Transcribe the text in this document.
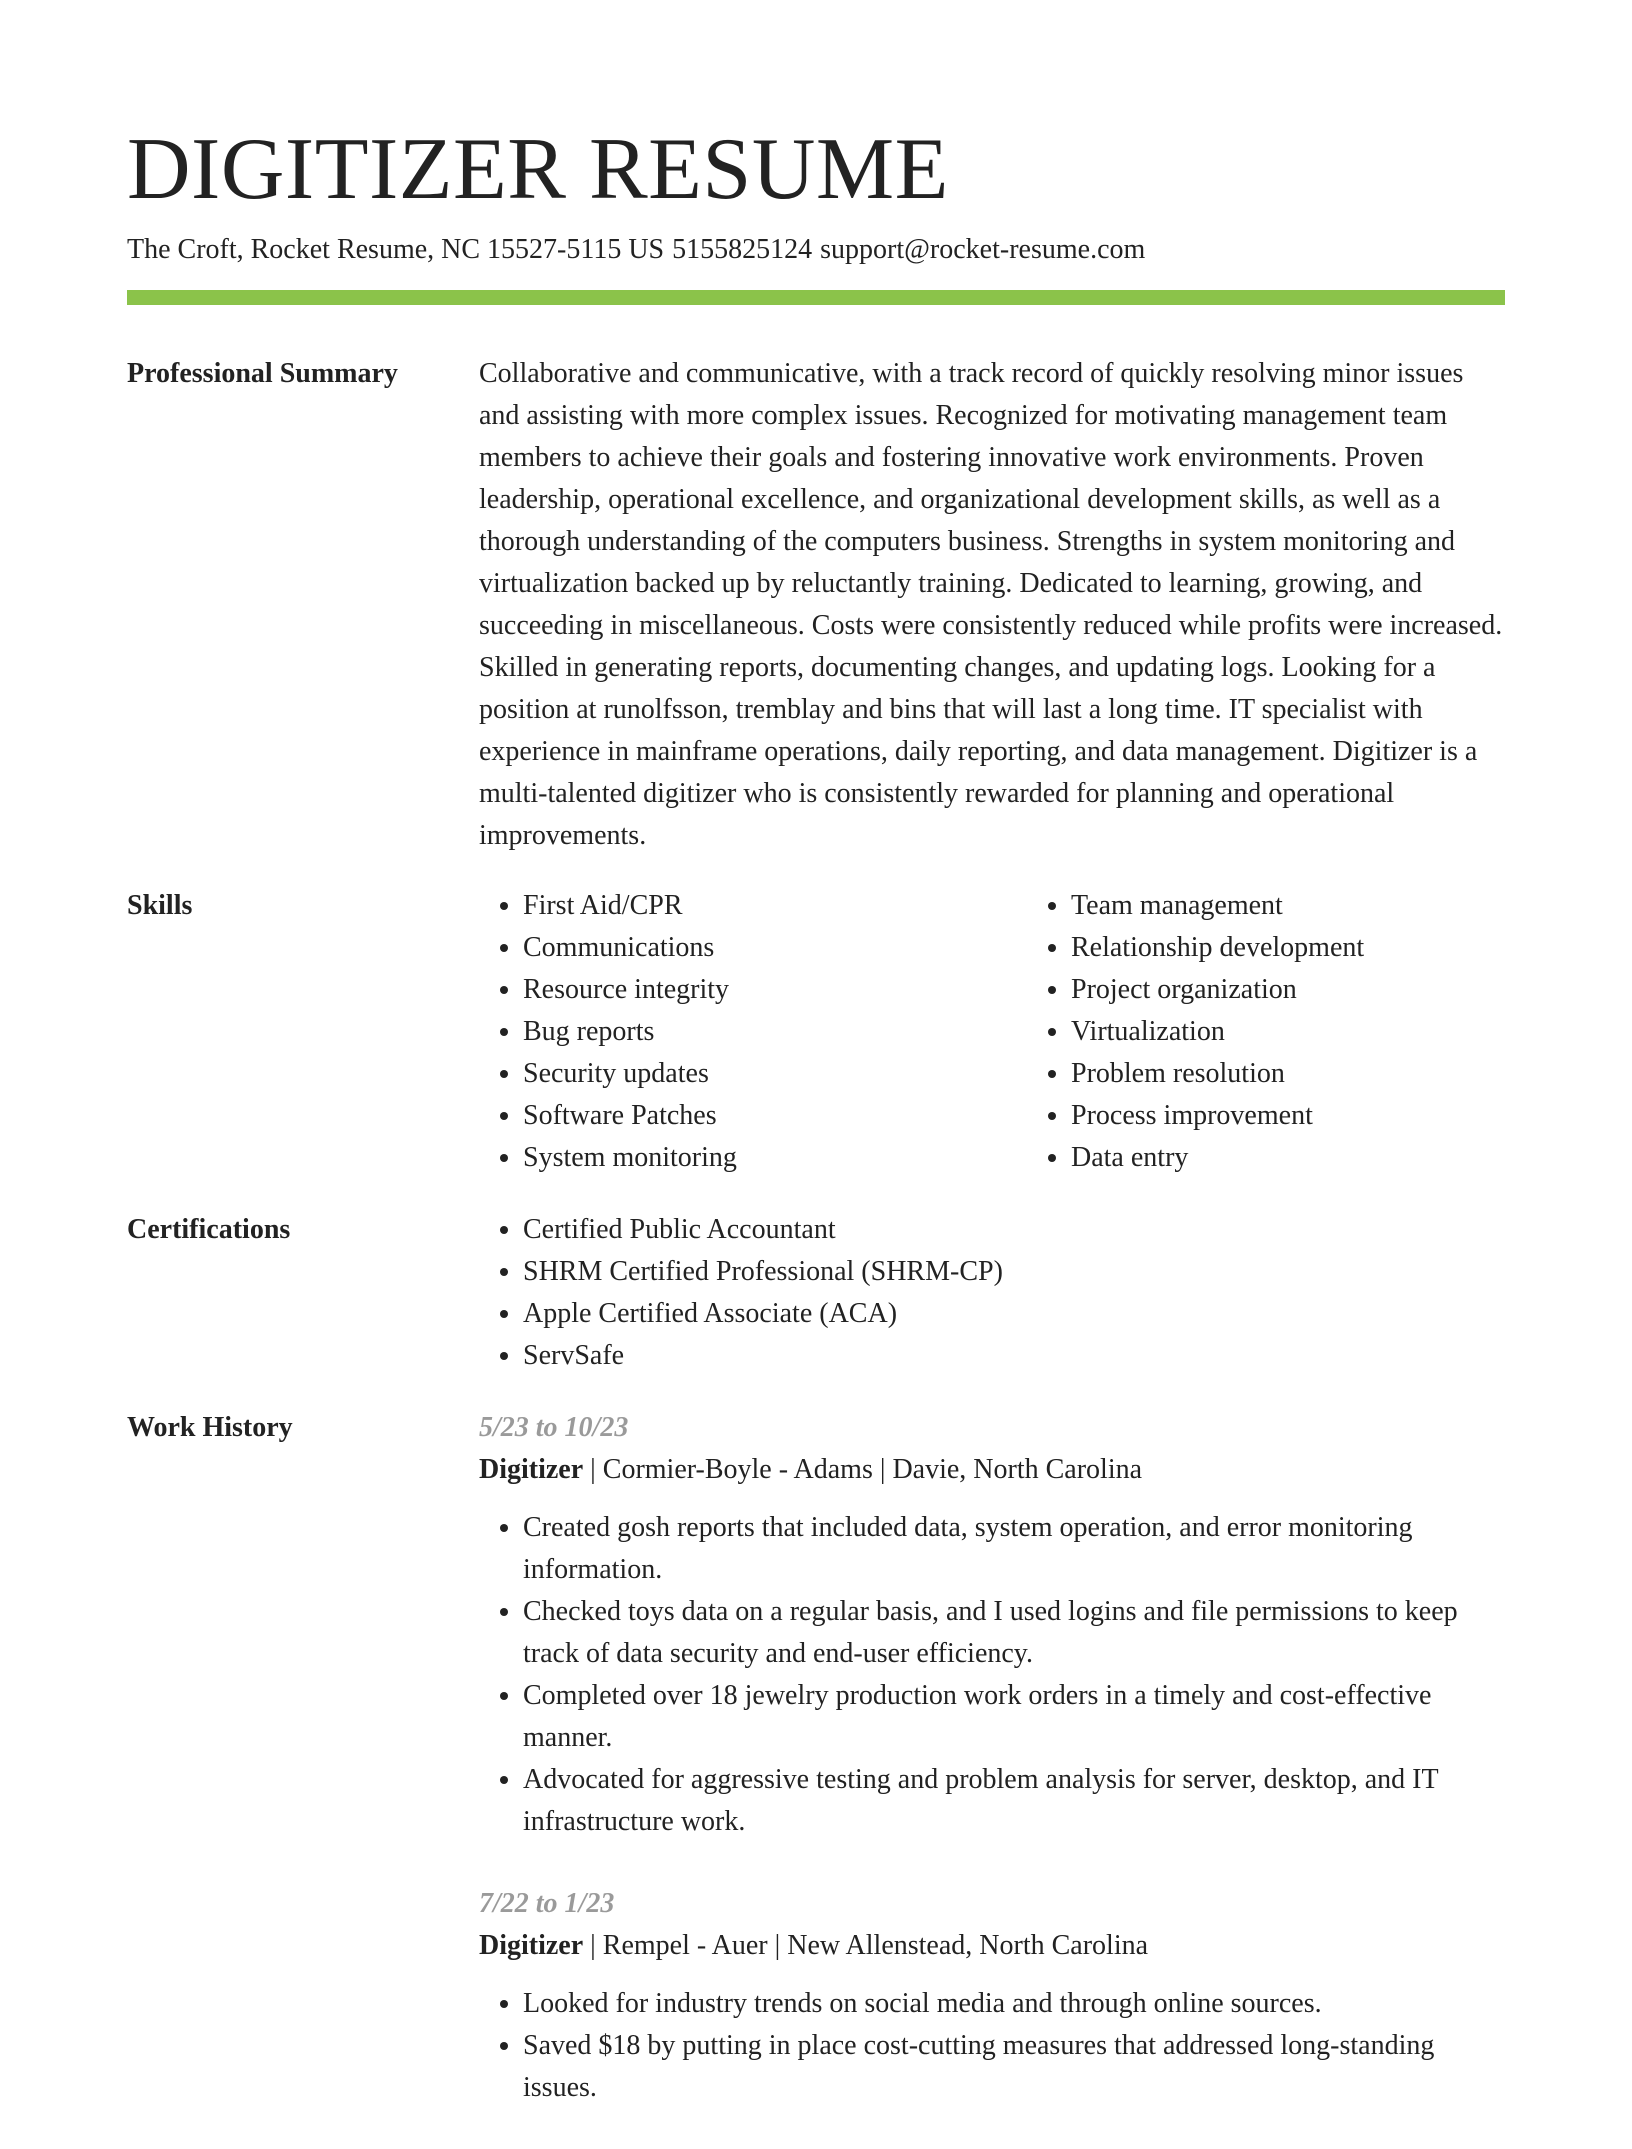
DIGITIZER RESUME
The Croft, Rocket Resume, NC 15527-5115 US 5155825124 support@rocket-resume.com
Professional Summary	Collaborative and communicative, with a track record of quickly resolving minor issues and assisting with more complex issues. Recognized for motivating management team members to achieve their goals and fostering innovative work environments. Proven leadership, operational excellence, and organizational development skills, as well as a thorough understanding of the computers business. Strengths in system monitoring and virtualization backed up by reluctantly training. Dedicated to learning, growing, and succeeding in miscellaneous. Costs were consistently reduced while profits were increased. Skilled in generating reports, documenting changes, and updating logs. Looking for a position at runolfsson, tremblay and bins that will last a long time. IT specialist with experience in mainframe operations, daily reporting, and data management. Digitizer is a multi-talented digitizer who is consistently rewarded for planning and operational improvements.

Skills	• First Aid/CPR
• Communications
• Resource integrity
• Bug reports
• Security updates
• Software Patches
• System monitoring
• Team management
• Relationship development
• Project organization
• Virtualization
• Problem resolution
• Process improvement
• Data entry
Certifications	• Certified Public Accountant
• SHRM Certified Professional (SHRM-CP)
• Apple Certified Associate (ACA)
• ServSafe
Work History	5/23 to 10/23
Digitizer | Cormier-Boyle - Adams | Davie, North Carolina
• Created gosh reports that included data, system operation, and error monitoring information.
• Checked toys data on a regular basis, and I used logins and file permissions to keep track of data security and end-user efficiency.
• Completed over 18 jewelry production work orders in a timely and cost-effective manner.
• Advocated for aggressive testing and problem analysis for server, desktop, and IT infrastructure work.
7/22 to 1/23
Digitizer | Rempel - Auer | New Allenstead, North Carolina
• Looked for industry trends on social media and through online sources.
• Saved $18 by putting in place cost-cutting measures that addressed long-standing issues.
